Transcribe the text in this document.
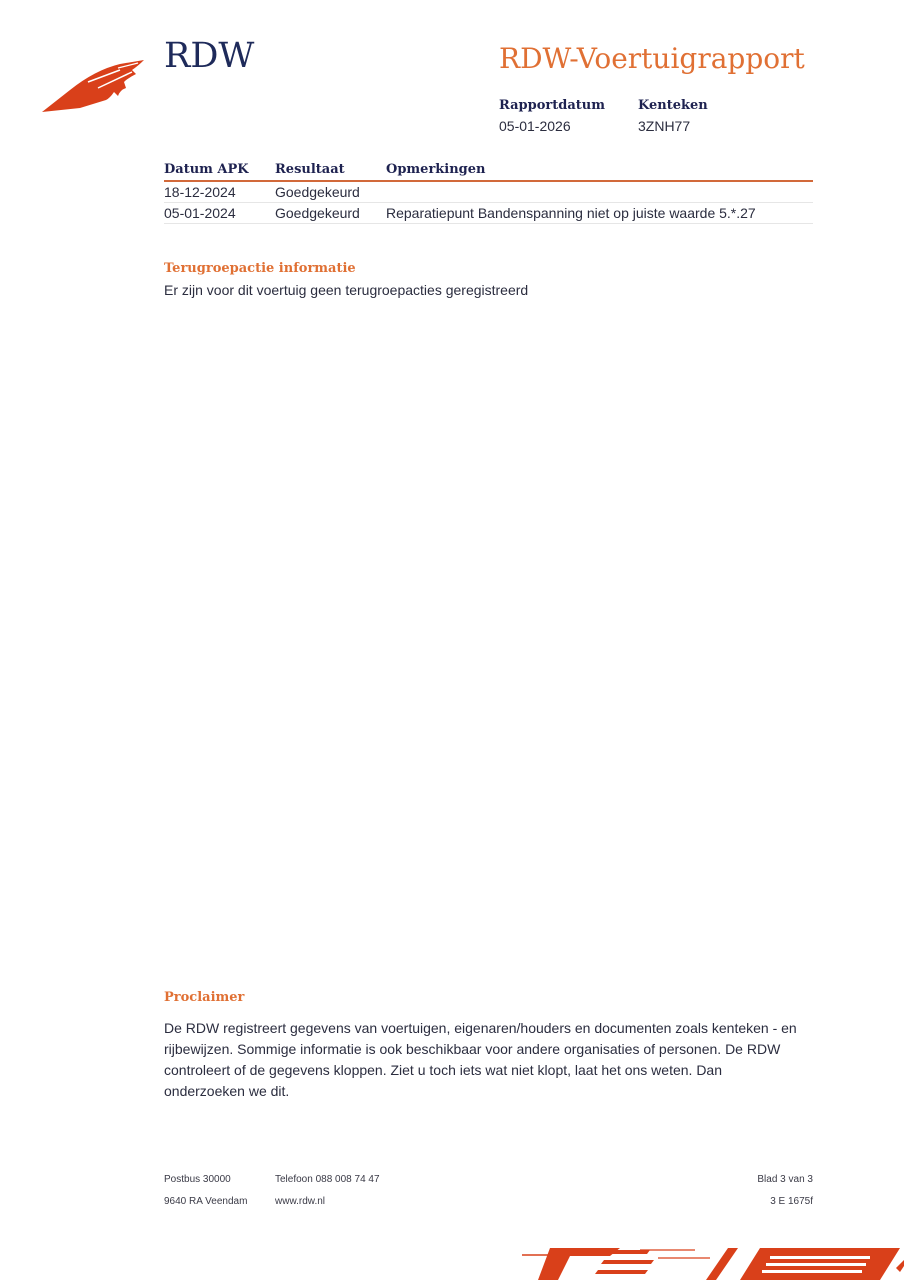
RDW	RDW-Voertuigrapport
Rapportdatum
05-01-2026
Kenteken
3ZNH77
Datum APK	Resultaat	Opmerkingen
18-12-2024	Goedgekeurd
05-01-2024	Goedgekeurd	Reparatiepunt Bandenspanning niet op juiste waarde 5.*.27
Terugroepactie informatie
Er zijn voor dit voertuig geen terugroepacties geregistreerd
Proclaimer
De RDW registreert gegevens van voertuigen, eigenaren/houders en documenten zoals kenteken - en rijbewijzen. Sommige informatie is ook beschikbaar voor andere organisaties of personen. De RDW controleert of de gegevens kloppen. Ziet u toch iets wat niet klopt, laat het ons weten. Dan onderzoeken we dit.
Postbus 30000
9640 RA Veendam
Telefoon 088 008 74 47
www.rdw.nl
Blad 3 van 3
3 E 1675f
